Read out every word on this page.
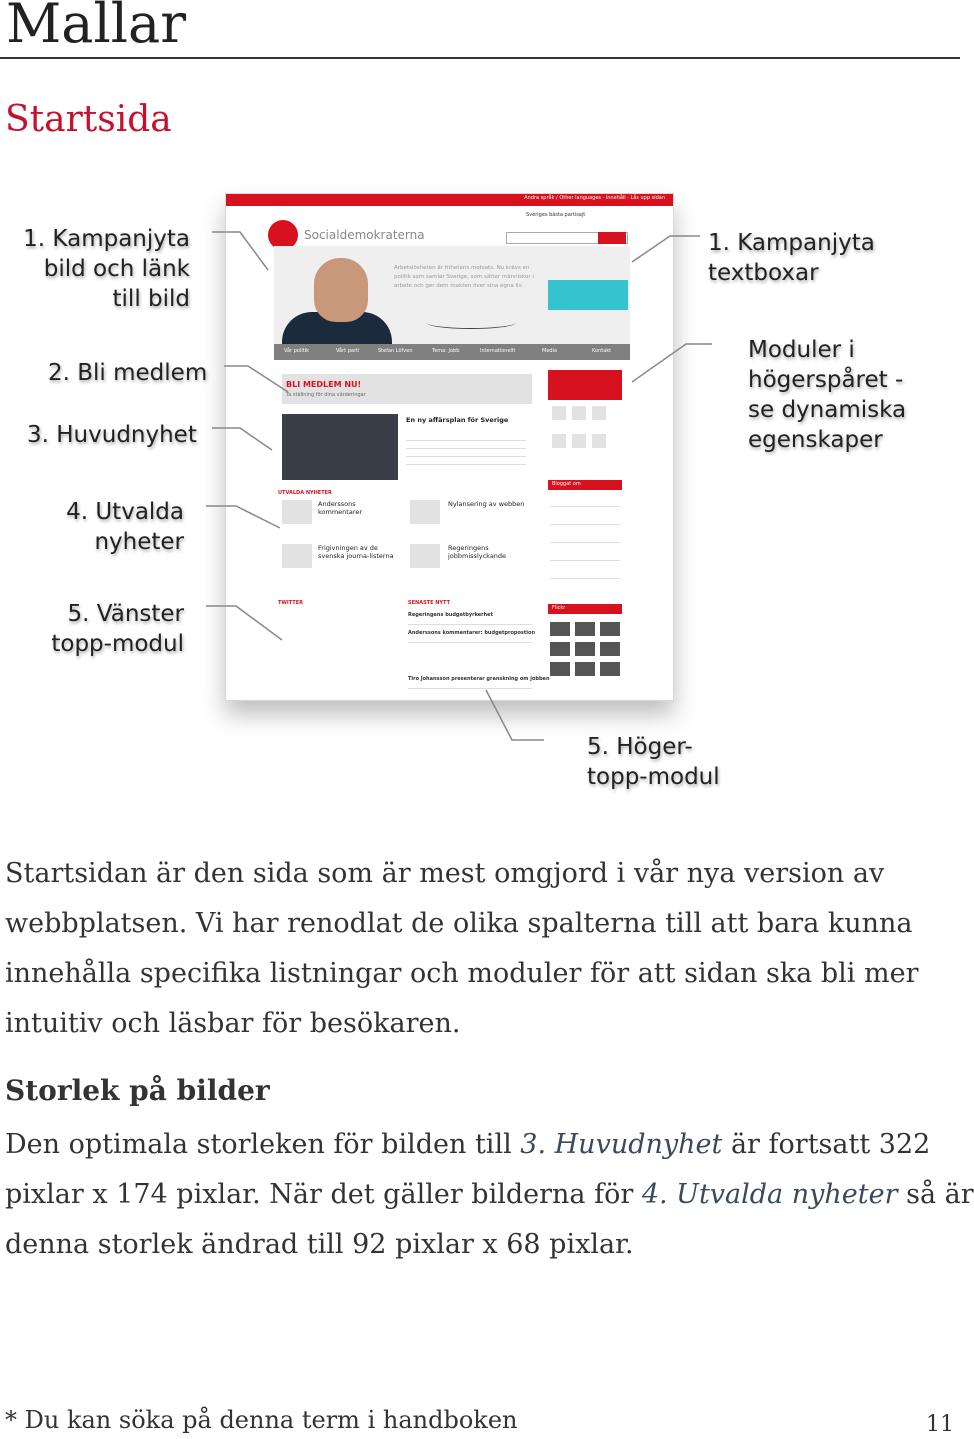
Mallar
Startsida
Andra språk / Other languages · Innehåll · Lås upp sidan
Socialdemokraterna
Sveriges bästa partisajt
Arbetslösheten är frihetens motsats. Nu krävs en politik som samlar Sverige, som sätter människor i arbete och ger dem makten över sina egna liv.
Vår politik	Vårt parti	Stefan Löfven	Tema: Jobb	Internationellt	Media	Kontakt
BLI MEDLEM NU!
Ta ställning för dina värderingar
Bloggat om
Flickr
En ny affärsplan för Sverige
UTVALDA NYHETER
Anderssons kommentarer
Nylansering av webben
Frigivningen av de svenska journa-listerna
Regeringens jobbmisslyckande
TWITTER	SENASTE NYTT
Regeringens budgetbyrkerhet
Anderssons kommentarer: budgetpropostion
Tiro Johansson presenterar granskning om jobben
1. Kampanjyta
bild och länk
till bild
2. Bli medlem
3. Huvudnyhet
4. Utvalda
nyheter
5. Vänster
topp-modul
1. Kampanjyta
textboxar
Moduler i
högerspåret -
se dynamiska
egenskaper
5. Höger-
topp-modul
Startsidan är den sida som är mest omgjord i vår nya version av
webbplatsen. Vi har renodlat de olika spalterna till att bara kunna
innehålla specifika listningar och moduler för att sidan ska bli mer
intuitiv och läsbar för besökaren.
Storlek på bilder
Den optimala storleken för bilden till 3. Huvudnyhet är fortsatt 322
pixlar x 174 pixlar. När det gäller bilderna för 4. Utvalda nyheter så är
denna storlek ändrad till 92 pixlar x 68 pixlar.
* Du kan söka på denna term i handboken	11
